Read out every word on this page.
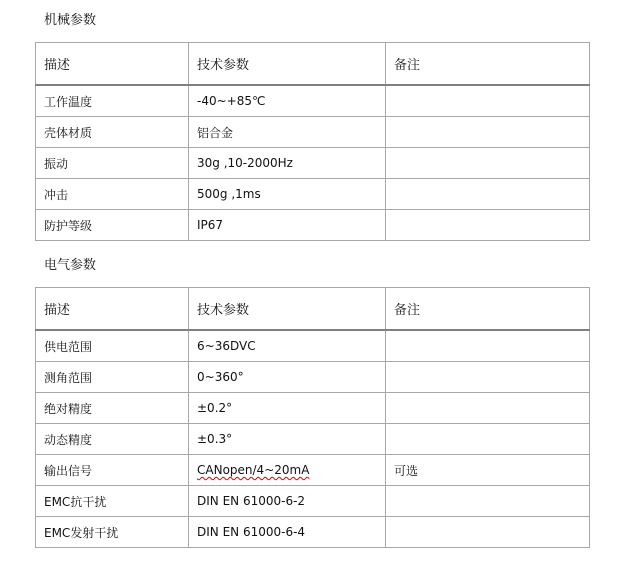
机械参数
描述	技术参数	备注
工作温度	-40~+85℃	
壳体材质	铝合金	
振动	30g ,10-2000Hz	
冲击	500g ,1ms	
防护等级	IP67	
电气参数
描述	技术参数	备注
供电范围	6~36DVC	
测角范围	0~360°	
绝对精度	±0.2°	
动态精度	±0.3°	
输出信号	CANopen/4~20mA	可选
EMC抗干扰	DIN EN 61000-6-2	
EMC发射干扰	DIN EN 61000-6-4	
